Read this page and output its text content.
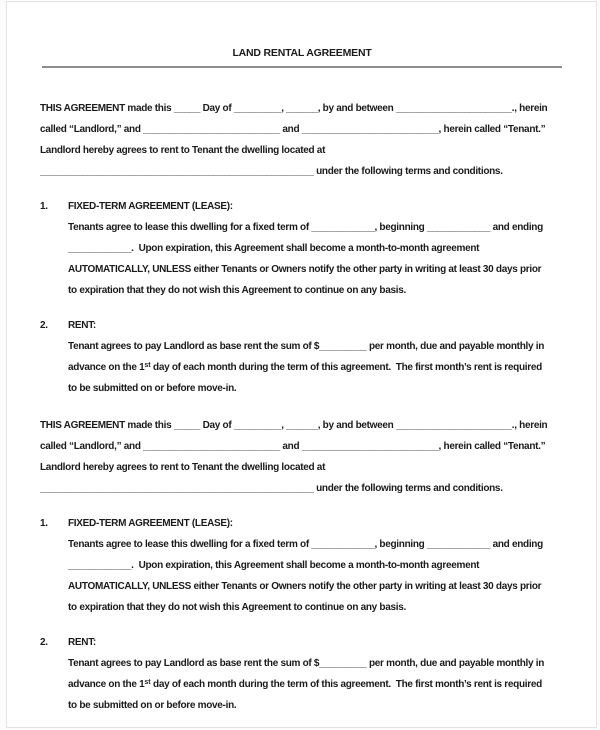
LAND RENTAL AGREEMENT
THIS AGREEMENT made this _____ Day of _________, ______, by and between ______________________., herein
called “Landlord,” and __________________________ and __________________________, herein called “Tenant.”
Landlord hereby agrees to rent to Tenant the dwelling located at
____________________________________________________ under the following terms and conditions.
1. FIXED-TERM AGREEMENT (LEASE):
Tenants agree to lease this dwelling for a fixed term of ____________, beginning ____________ and ending
____________.  Upon expiration, this Agreement shall become a month-to-month agreement
AUTOMATICALLY, UNLESS either Tenants or Owners notify the other party in writing at least 30 days prior
to expiration that they do not wish this Agreement to continue on any basis.
2. RENT:
Tenant agrees to pay Landlord as base rent the sum of $_________ per month, due and payable monthly in
advance on the 1st day of each month during the term of this agreement.  The first month’s rent is required
to be submitted on or before move-in.
THIS AGREEMENT made this _____ Day of _________, ______, by and between ______________________., herein
called “Landlord,” and __________________________ and __________________________, herein called “Tenant.”
Landlord hereby agrees to rent to Tenant the dwelling located at
____________________________________________________ under the following terms and conditions.
1. FIXED-TERM AGREEMENT (LEASE):
Tenants agree to lease this dwelling for a fixed term of ____________, beginning ____________ and ending
____________.  Upon expiration, this Agreement shall become a month-to-month agreement
AUTOMATICALLY, UNLESS either Tenants or Owners notify the other party in writing at least 30 days prior
to expiration that they do not wish this Agreement to continue on any basis.
2. RENT:
Tenant agrees to pay Landlord as base rent the sum of $_________ per month, due and payable monthly in
advance on the 1st day of each month during the term of this agreement.  The first month’s rent is required
to be submitted on or before move-in.
